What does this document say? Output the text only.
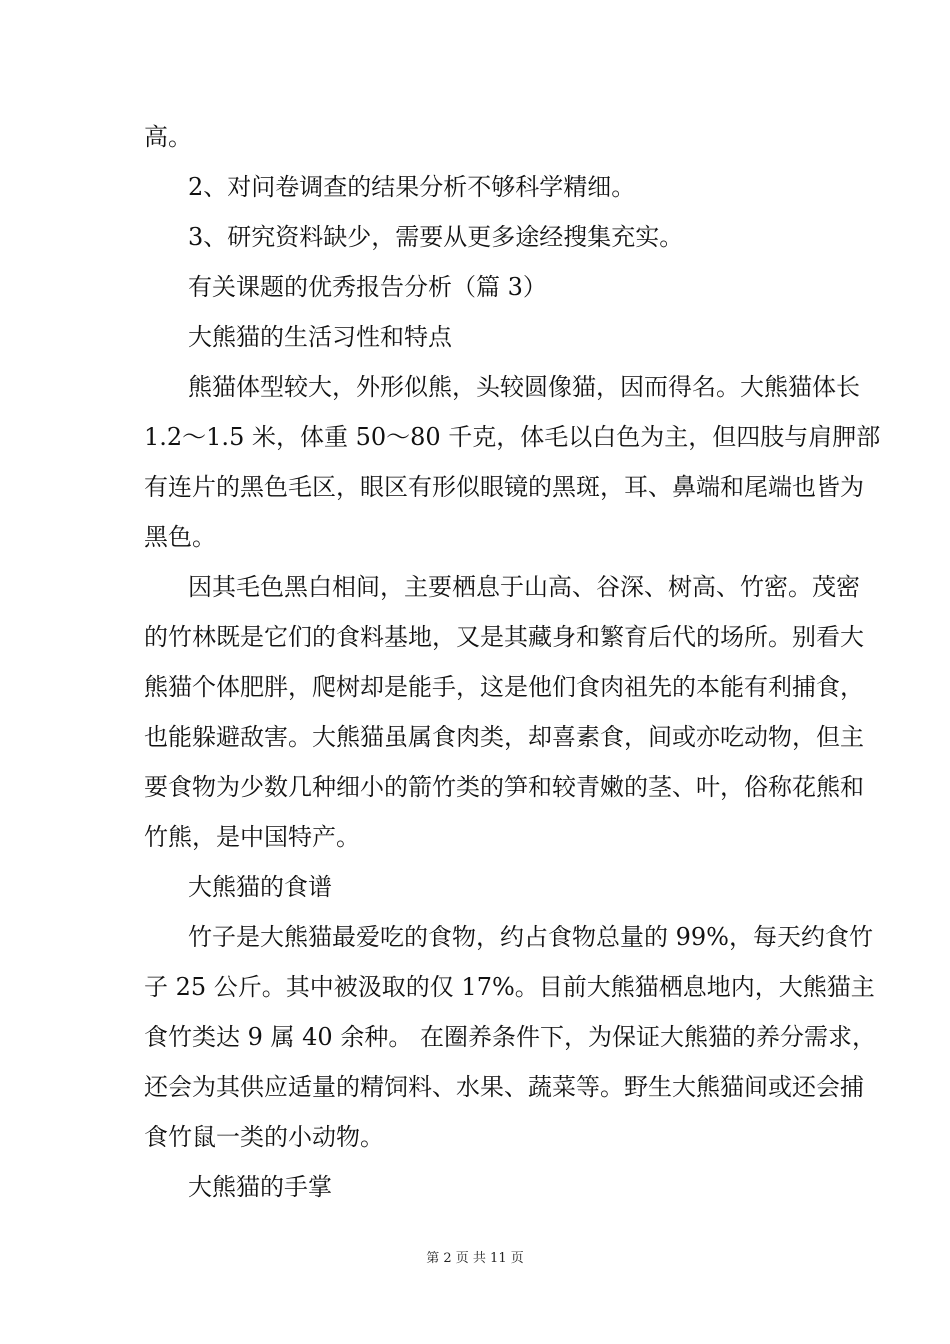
高。
2、对问卷调查的结果分析不够科学精细。
3、研究资料缺少，需要从更多途经搜集充实。
有关课题的优秀报告分析（篇 3）
大熊猫的生活习性和特点
熊猫体型较大，外形似熊，头较圆像猫，因而得名。大熊猫体长
1.2～1.5 米，体重 50～80 千克，体毛以白色为主，但四肢与肩胛部
有连片的黑色毛区，眼区有形似眼镜的黑斑，耳、鼻端和尾端也皆为
黑色。
因其毛色黑白相间，主要栖息于山高、谷深、树高、竹密。茂密
的竹林既是它们的食料基地，又是其藏身和繁育后代的场所。别看大
熊猫个体肥胖，爬树却是能手，这是他们食肉祖先的本能有利捕食，
也能躲避敌害。大熊猫虽属食肉类，却喜素食，间或亦吃动物，但主
要食物为少数几种细小的箭竹类的笋和较青嫩的茎、叶，俗称花熊和
竹熊，是中国特产。
大熊猫的食谱
竹子是大熊猫最爱吃的食物，约占食物总量的 99%，每天约食竹
子 25 公斤。其中被汲取的仅 17%。目前大熊猫栖息地内，大熊猫主
食竹类达 9 属 40 余种。 在圈养条件下，为保证大熊猫的养分需求，
还会为其供应适量的精饲料、水果、蔬菜等。野生大熊猫间或还会捕
食竹鼠一类的小动物。
大熊猫的手掌
第 2 页 共 11 页
